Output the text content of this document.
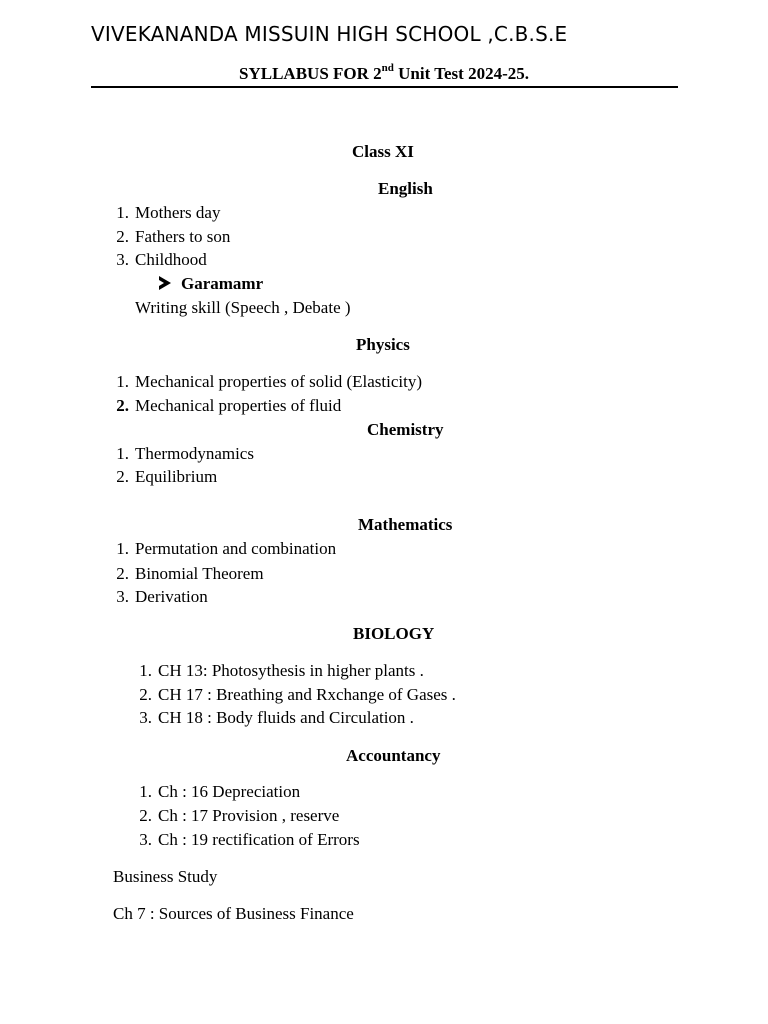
VIVEKANANDA MISSUIN HIGH SCHOOL ,C.B.S.E
SYLLABUS FOR 2nd Unit Test 2024-25.
Class XI
English
1. Mothers day
2. Fathers to son
3. Childhood
Garamamr
Writing skill (Speech , Debate )
Physics
1. Mechanical properties of solid (Elasticity)
2. Mechanical properties of fluid
Chemistry
1. Thermodynamics
2. Equilibrium
Mathematics
1. Permutation and combination
2. Binomial Theorem
3. Derivation
BIOLOGY
1. CH 13: Photosythesis in higher plants .
2. CH 17 : Breathing and Rxchange of Gases .
3. CH 18 : Body fluids and Circulation .
Accountancy
1. Ch : 16 Depreciation
2. Ch : 17 Provision , reserve
3. Ch : 19 rectification of Errors
Business Study
Ch 7 : Sources of Business Finance
